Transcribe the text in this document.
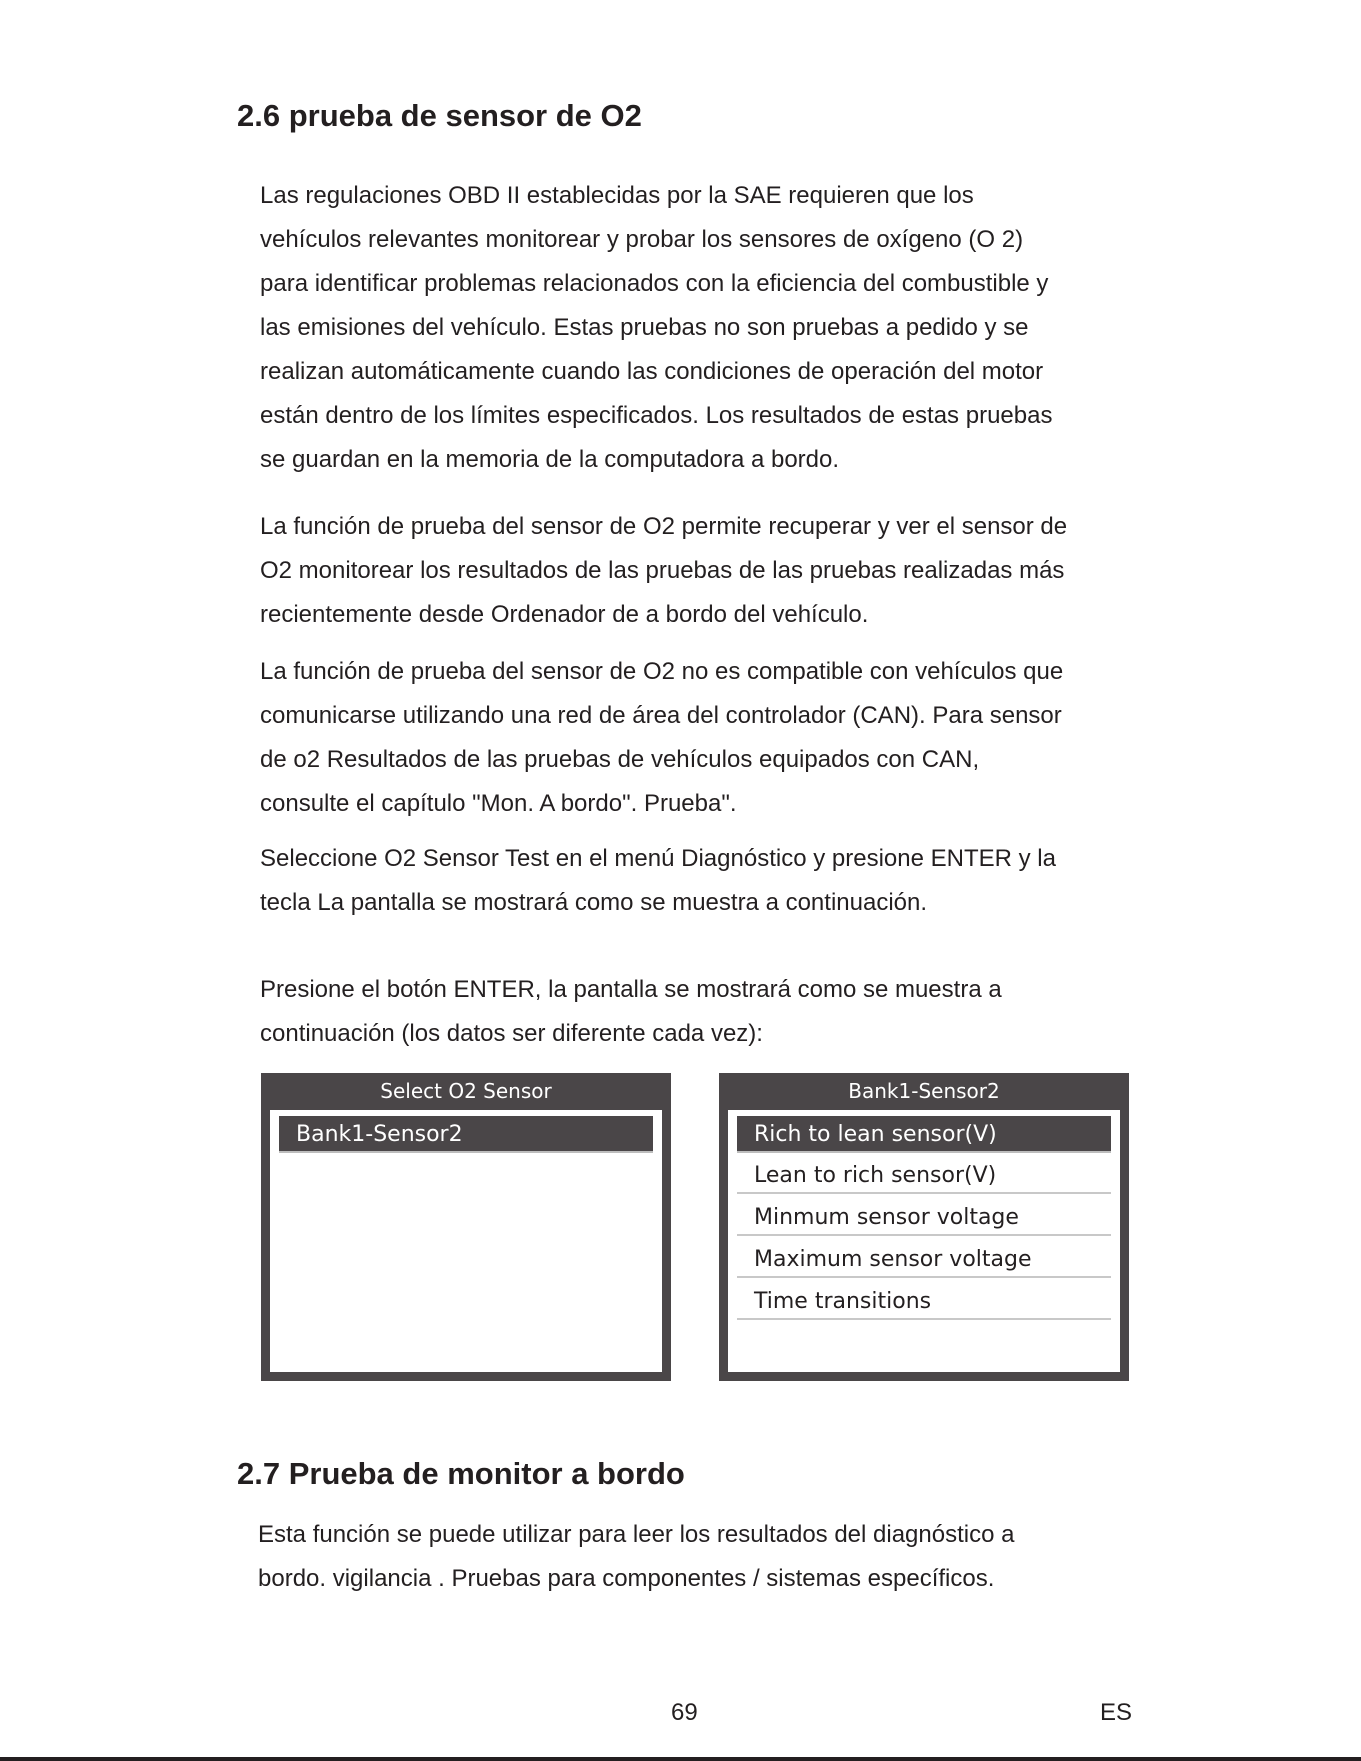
2.6 prueba de sensor de O2
Las regulaciones OBD II establecidas por la SAE requieren que los
vehículos relevantes monitorear y probar los sensores de oxígeno (O 2)
para identificar problemas relacionados con la eficiencia del combustible y
las emisiones del vehículo. Estas pruebas no son pruebas a pedido y se
realizan automáticamente cuando las condiciones de operación del motor
están dentro de los límites especificados. Los resultados de estas pruebas
se guardan en la memoria de la computadora a bordo.
La función de prueba del sensor de O2 permite recuperar y ver el sensor de
O2 monitorear los resultados de las pruebas de las pruebas realizadas más
recientemente desde Ordenador de a bordo del vehículo.
La función de prueba del sensor de O2 no es compatible con vehículos que
comunicarse utilizando una red de área del controlador (CAN). Para sensor
de o2 Resultados de las pruebas de vehículos equipados con CAN,
consulte el capítulo "Mon. A bordo". Prueba".
Seleccione O2 Sensor Test en el menú Diagnóstico y presione ENTER y la
tecla La pantalla se mostrará como se muestra a continuación.
Presione el botón ENTER, la pantalla se mostrará como se muestra a
continuación (los datos ser diferente cada vez):
Select O2 Sensor
Bank1-Sensor2
Bank1-Sensor2
Rich to lean sensor(V)
Lean to rich sensor(V)
Minmum sensor voltage
Maximum sensor voltage
Time transitions
2.7 Prueba de monitor a bordo
Esta función se puede utilizar para leer los resultados del diagnóstico a
bordo. vigilancia . Pruebas para componentes / sistemas específicos.
69	ES
